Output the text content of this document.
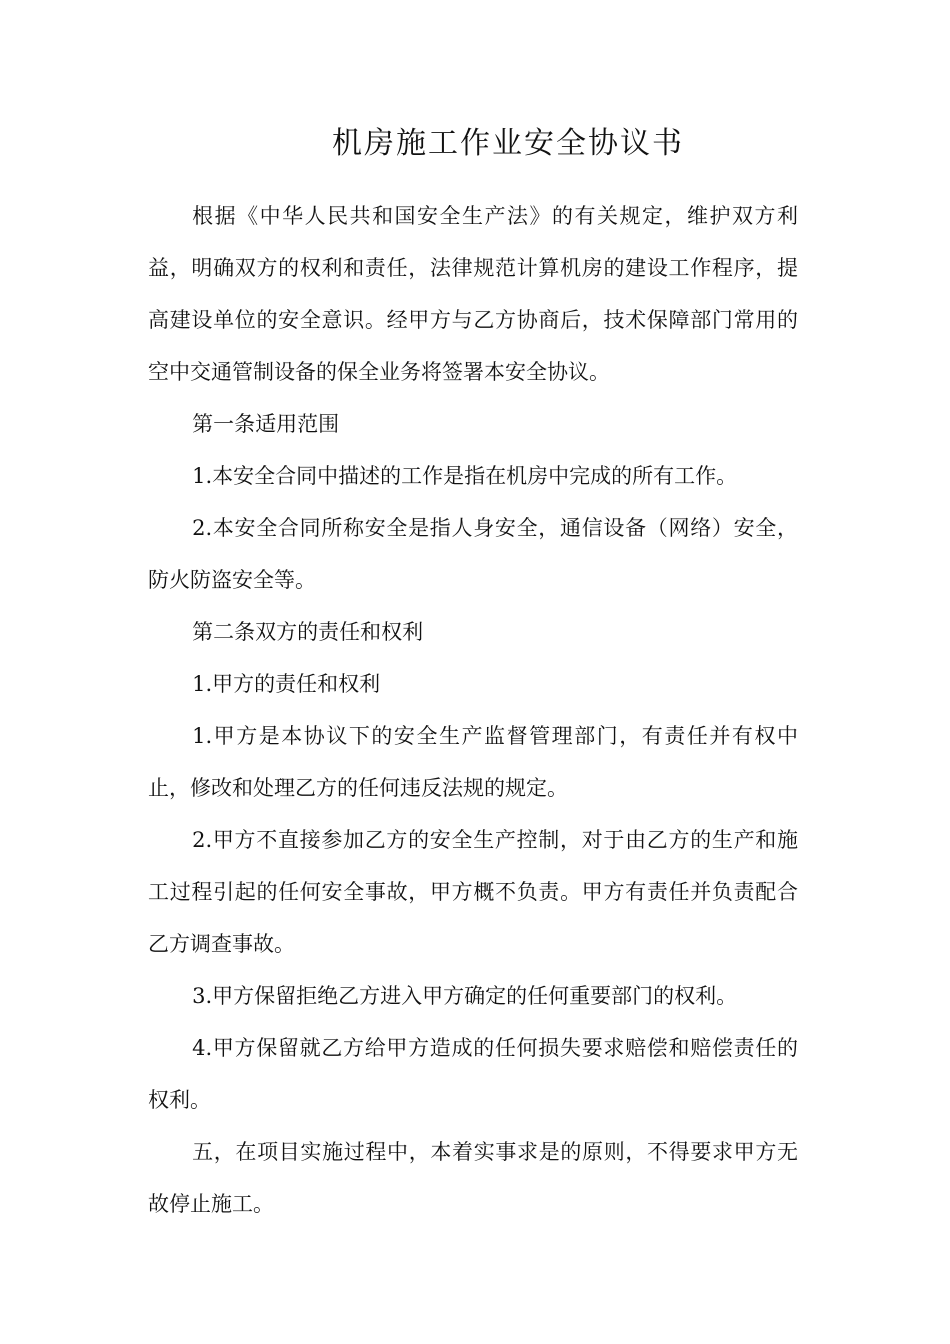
机房施工作业安全协议书

根据《中华人民共和国安全生产法》的有关规定，维护双方利益，明确双方的权利和责任，法律规范计算机房的建设工作程序，提高建设单位的安全意识。经甲方与乙方协商后，技术保障部门常用的空中交通管制设备的保全业务将签署本安全协议。

第一条适用范围

1.本安全合同中描述的工作是指在机房中完成的所有工作。

2.本安全合同所称安全是指人身安全，通信设备（网络）安全，防火防盗安全等。

第二条双方的责任和权利

1.甲方的责任和权利

1.甲方是本协议下的安全生产监督管理部门，有责任并有权中止，修改和处理乙方的任何违反法规的规定。

2.甲方不直接参加乙方的安全生产控制，对于由乙方的生产和施工过程引起的任何安全事故，甲方概不负责。甲方有责任并负责配合乙方调查事故。

3.甲方保留拒绝乙方进入甲方确定的任何重要部门的权利。

4.甲方保留就乙方给甲方造成的任何损失要求赔偿和赔偿责任的权利。

五，在项目实施过程中，本着实事求是的原则，不得要求甲方无故停止施工。
